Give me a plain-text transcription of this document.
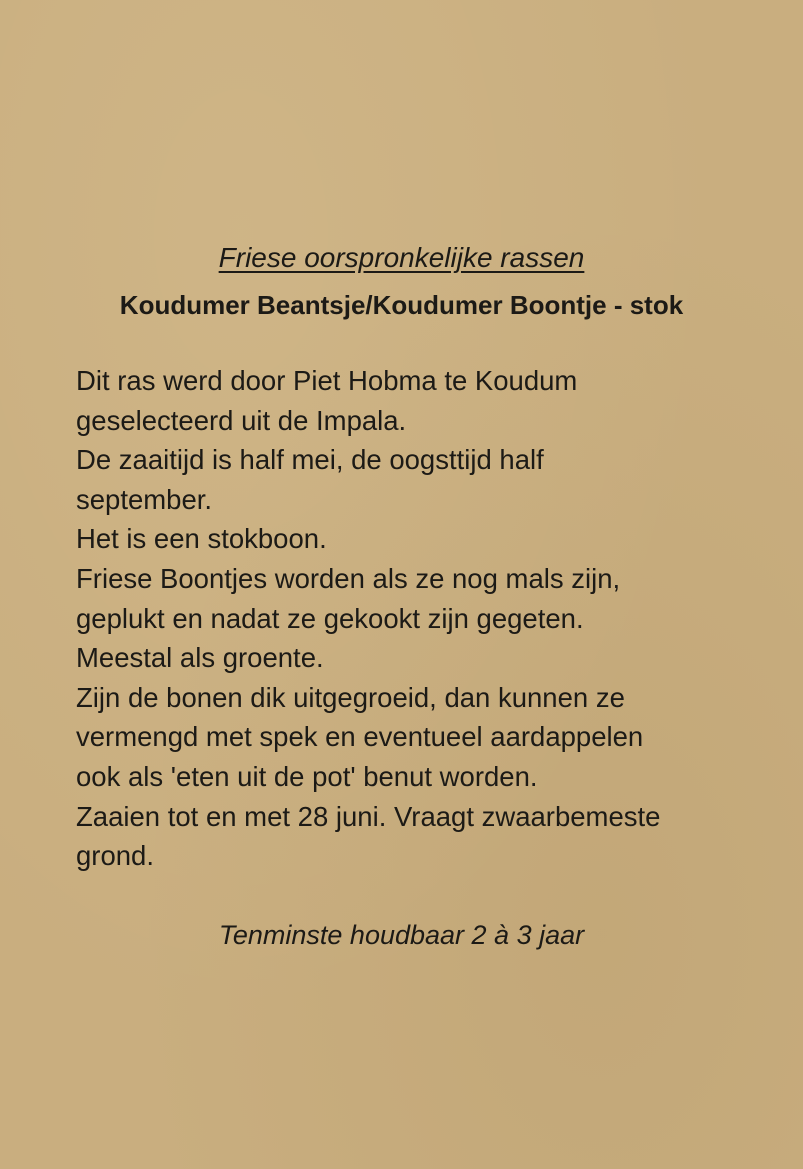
Friese oorspronkelijke rassen
Koudumer Beantsje/Koudumer Boontje - stok
Dit ras werd door Piet Hobma te Koudum
geselecteerd uit de Impala.
De zaaitijd is half mei, de oogsttijd half
september.
Het is een stokboon.
Friese Boontjes worden als ze nog mals zijn,
geplukt en nadat ze gekookt zijn gegeten.
Meestal als groente.
Zijn de bonen dik uitgegroeid, dan kunnen ze
vermengd met spek en eventueel aardappelen
ook als 'eten uit de pot' benut worden.
Zaaien tot en met 28 juni. Vraagt zwaarbemeste
grond.
Tenminste houdbaar 2 à 3 jaar
